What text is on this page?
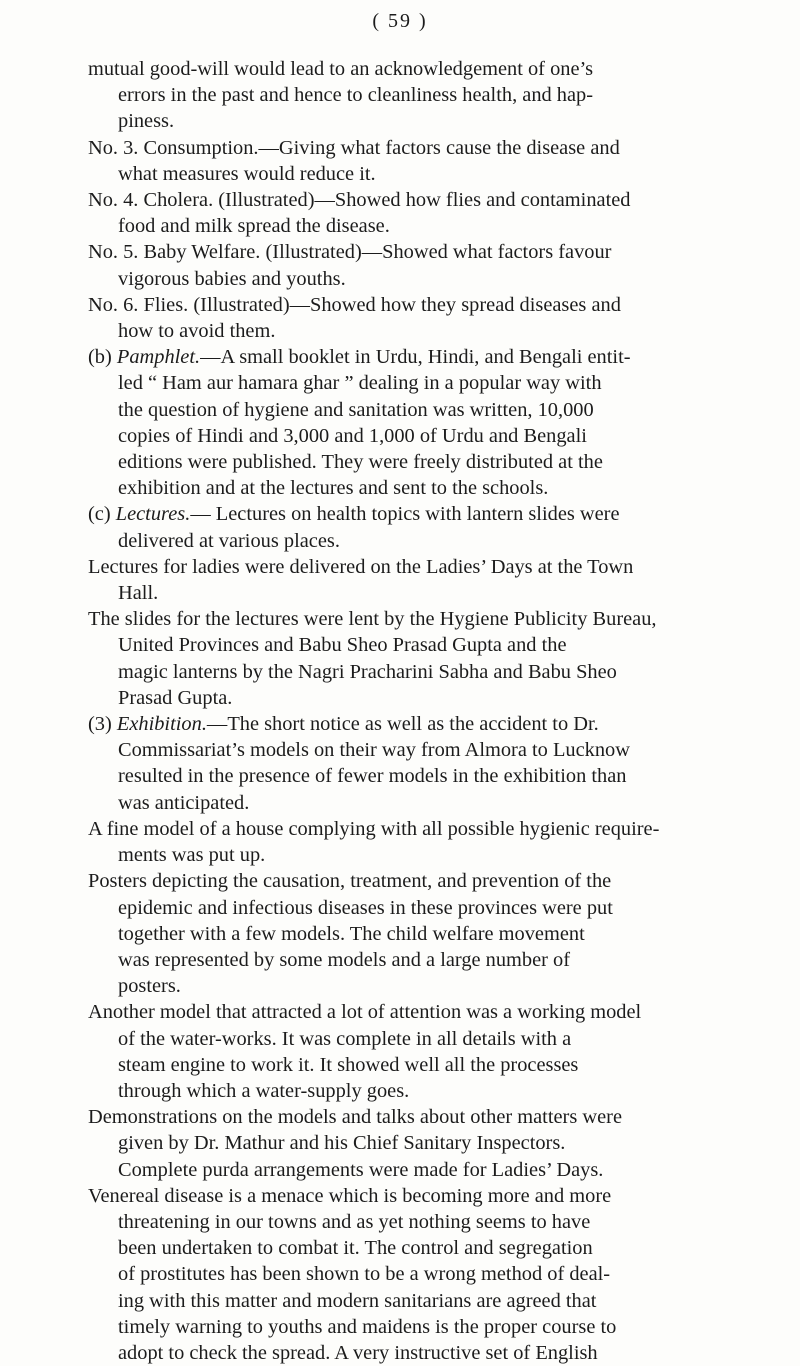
( 59 )
mutual good-will would lead to an acknowledgement of one’s
errors in the past and hence to cleanliness health, and hap-
piness.
No. 3. Consumption.—Giving what factors cause the disease and
what measures would reduce it.
No. 4. Cholera. (Illustrated)—Showed how flies and contaminated
food and milk spread the disease.
No. 5. Baby Welfare. (Illustrated)—Showed what factors favour
vigorous babies and youths.
No. 6. Flies. (Illustrated)—Showed how they spread diseases and
how to avoid them.
(b) Pamphlet.—A small booklet in Urdu, Hindi, and Bengali entit-
led “ Ham aur hamara ghar ” dealing in a popular way with
the question of hygiene and sanitation was written, 10,000
copies of Hindi and 3,000 and 1,000 of Urdu and Bengali
editions were published. They were freely distributed at the
exhibition and at the lectures and sent to the schools.
(c) Lectures.— Lectures on health topics with lantern slides were
delivered at various places.
Lectures for ladies were delivered on the Ladies’ Days at the Town
Hall.
The slides for the lectures were lent by the Hygiene Publicity Bureau,
United Provinces and Babu Sheo Prasad Gupta and the
magic lanterns by the Nagri Pracharini Sabha and Babu Sheo
Prasad Gupta.
(3) Exhibition.—The short notice as well as the accident to Dr.
Commissariat’s models on their way from Almora to Lucknow
resulted in the presence of fewer models in the exhibition than
was anticipated.
A fine model of a house complying with all possible hygienic require-
ments was put up.
Posters depicting the causation, treatment, and prevention of the
epidemic and infectious diseases in these provinces were put
together with a few models. The child welfare movement
was represented by some models and a large number of
posters.
Another model that attracted a lot of attention was a working model
of the water-works. It was complete in all details with a
steam engine to work it. It showed well all the processes
through which a water-supply goes.
Demonstrations on the models and talks about other matters were
given by Dr. Mathur and his Chief Sanitary Inspectors.
Complete purda arrangements were made for Ladies’ Days.
Venereal disease is a menace which is becoming more and more
threatening in our towns and as yet nothing seems to have
been undertaken to combat it. The control and segregation
of prostitutes has been shown to be a wrong method of deal-
ing with this matter and modern sanitarians are agreed that
timely warning to youths and maidens is the proper course to
adopt to check the spread. A very instructive set of English
